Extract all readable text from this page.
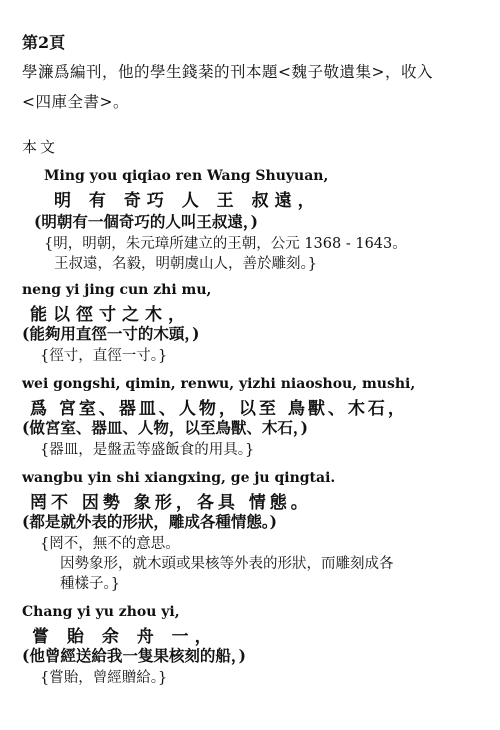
第2頁
學濂爲編刊，他的學生錢棻的刊本題<魏子敬遺集>，收入
<四庫全書>。
本文
Ming you qiqiao ren Wang Shuyuan,
明 有 奇巧 人 王 叔遠，
(明朝有一個奇巧的人叫王叔遠，)
{明，明朝，朱元璋所建立的王朝，公元 1368 - 1643。
王叔遠，名毅，明朝虞山人，善於雕刻。}
neng yi jing cun zhi mu,
能以徑寸之木，
(能夠用直徑一寸的木頭，)
{徑寸，直徑一寸。}
wei gongshi, qimin, renwu, yizhi niaoshou, mushi,
爲 宮室、器皿、人物，以至 鳥獸、木石，
(做宮室、器皿、人物，以至鳥獸、木石，)
{器皿，是盤盂等盛飯食的用具。}
wangbu yin shi xiangxing, ge ju qingtai.
罔不 因勢 象形，各具 情態。
(都是就外表的形狀，雕成各種情態。)
{罔不，無不的意思。
因勢象形，就木頭或果核等外表的形狀，而雕刻成各
種樣子。}
Chang yi yu zhou yi,
嘗 貽 余 舟 一，
(他曾經送給我一隻果核刻的船，)
{嘗貽，曾經贈給。}
